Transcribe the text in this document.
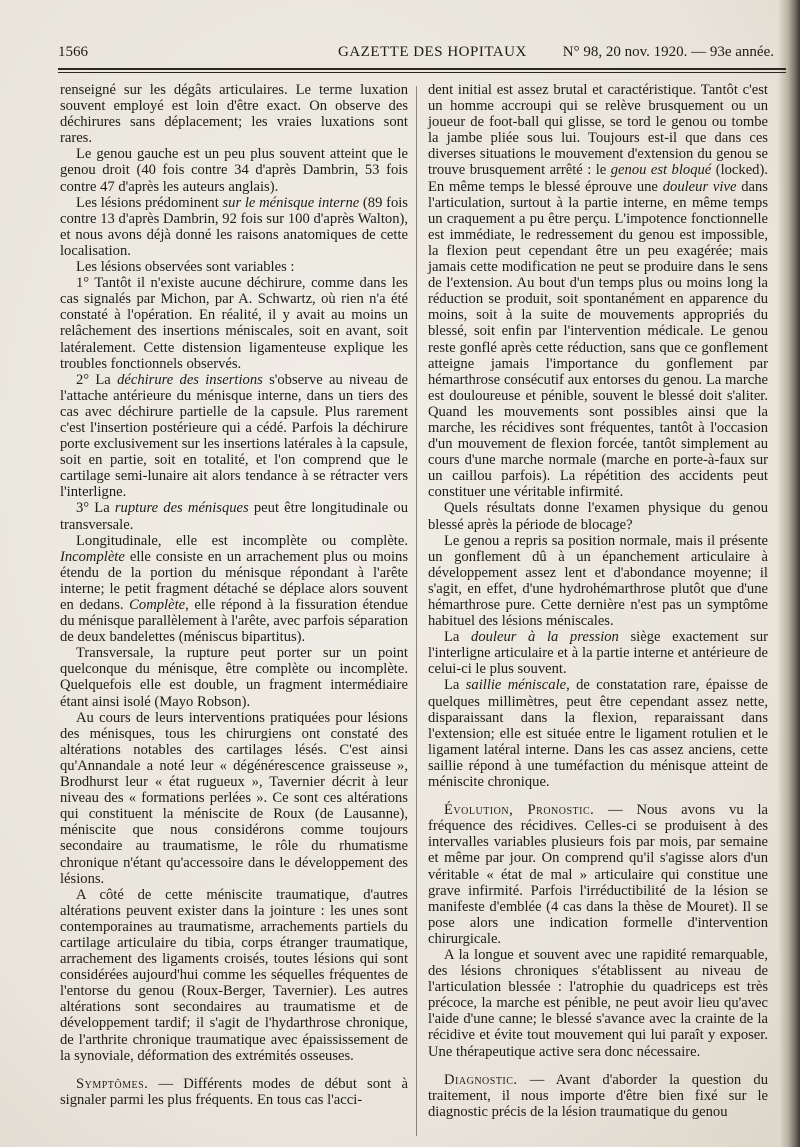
1566	GAZETTE DES HOPITAUX N° 98, 20 nov. 1920. — 93e année.

renseigné sur les dégâts articulaires. Le terme luxation souvent employé est loin d'être exact. On observe des déchirures sans déplacement; les vraies luxations sont rares.

Le genou gauche est un peu plus souvent atteint que le genou droit (40 fois contre 34 d'après Dambrin, 53 fois contre 47 d'après les auteurs anglais).

Les lésions prédominent sur le ménisque interne (89 fois contre 13 d'après Dambrin, 92 fois sur 100 d'après Walton), et nous avons déjà donné les raisons anatomiques de cette localisation.

Les lésions observées sont variables :

1° Tantôt il n'existe aucune déchirure, comme dans les cas signalés par Michon, par A. Schwartz, où rien n'a été constaté à l'opération. En réalité, il y avait au moins un relâchement des insertions méniscales, soit en avant, soit latéralement. Cette distension ligamenteuse explique les troubles fonctionnels observés.

2° La déchirure des insertions s'observe au niveau de l'attache antérieure du ménisque interne, dans un tiers des cas avec déchirure partielle de la capsule. Plus rarement c'est l'insertion postérieure qui a cédé. Parfois la déchirure porte exclusivement sur les insertions latérales à la capsule, soit en partie, soit en totalité, et l'on comprend que le cartilage semi-lunaire ait alors tendance à se rétracter vers l'interligne.

3° La rupture des ménisques peut être longitudinale ou transversale.

Longitudinale, elle est incomplète ou complète. Incomplète elle consiste en un arrachement plus ou moins étendu de la portion du ménisque répondant à l'arête interne; le petit fragment détaché se déplace alors souvent en dedans. Complète, elle répond à la fissuration étendue du ménisque parallèlement à l'arête, avec parfois séparation de deux bandelettes (méniscus bipartitus).

Transversale, la rupture peut porter sur un point quelconque du ménisque, être complète ou incomplète. Quelquefois elle est double, un fragment intermédiaire étant ainsi isolé (Mayo Robson).

Au cours de leurs interventions pratiquées pour lésions des ménisques, tous les chirurgiens ont constaté des altérations notables des cartilages lésés. C'est ainsi qu'Annandale a noté leur « dégénérescence graisseuse », Brodhurst leur « état rugueux », Tavernier décrit à leur niveau des « formations perlées ». Ce sont ces altérations qui constituent la méniscite de Roux (de Lausanne), méniscite que nous considérons comme toujours secondaire au traumatisme, le rôle du rhumatisme chronique n'étant qu'accessoire dans le développement des lésions.

A côté de cette méniscite traumatique, d'autres altérations peuvent exister dans la jointure : les unes sont contemporaines au traumatisme, arrachements partiels du cartilage articulaire du tibia, corps étranger traumatique, arrachement des ligaments croisés, toutes lésions qui sont considérées aujourd'hui comme les séquelles fréquentes de l'entorse du genou (Roux-Berger, Tavernier). Les autres altérations sont secondaires au traumatisme et de développement tardif; il s'agit de l'hydarthrose chronique, de l'arthrite chronique traumatique avec épaississement de la synoviale, déformation des extrémités osseuses.

Symptômes. — Différents modes de début sont à signaler parmi les plus fréquents. En tous cas l'acci-

dent initial est assez brutal et caractéristique. Tantôt c'est un homme accroupi qui se relève brusquement ou un joueur de foot-ball qui glisse, se tord le genou ou tombe la jambe pliée sous lui. Toujours est-il que dans ces diverses situations le mouvement d'extension du genou se trouve brusquement arrêté : le genou est bloqué (locked). En même temps le blessé éprouve une douleur vive dans l'articulation, surtout à la partie interne, en même temps un craquement a pu être perçu. L'impotence fonctionnelle est immédiate, le redressement du genou est impossible, la flexion peut cependant être un peu exagérée; mais jamais cette modification ne peut se produire dans le sens de l'extension. Au bout d'un temps plus ou moins long la réduction se produit, soit spontanément en apparence du moins, soit à la suite de mouvements appropriés du blessé, soit enfin par l'intervention médicale. Le genou reste gonflé après cette réduction, sans que ce gonflement atteigne jamais l'importance du gonflement par hémarthrose consécutif aux entorses du genou. La marche est douloureuse et pénible, souvent le blessé doit s'aliter. Quand les mouvements sont possibles ainsi que la marche, les récidives sont fréquentes, tantôt à l'occasion d'un mouvement de flexion forcée, tantôt simplement au cours d'une marche normale (marche en porte-à-faux sur un caillou parfois). La répétition des accidents peut constituer une véritable infirmité.

Quels résultats donne l'examen physique du genou blessé après la période de blocage?

Le genou a repris sa position normale, mais il présente un gonflement dû à un épanchement articulaire à développement assez lent et d'abondance moyenne; il s'agit, en effet, d'une hydrohémarthrose plutôt que d'une hémarthrose pure. Cette dernière n'est pas un symptôme habituel des lésions méniscales.

La douleur à la pression siège exactement sur l'interligne articulaire et à la partie interne et antérieure de celui-ci le plus souvent.

La saillie méniscale, de constatation rare, épaisse de quelques millimètres, peut être cependant assez nette, disparaissant dans la flexion, reparaissant dans l'extension; elle est située entre le ligament rotulien et le ligament latéral interne. Dans les cas assez anciens, cette saillie répond à une tuméfaction du ménisque atteint de méniscite chronique.

Évolution, Pronostic. — Nous avons vu la fréquence des récidives. Celles-ci se produisent à des intervalles variables plusieurs fois par mois, par semaine et même par jour. On comprend qu'il s'agisse alors d'un véritable « état de mal » articulaire qui constitue une grave infirmité. Parfois l'irréductibilité de la lésion se manifeste d'emblée (4 cas dans la thèse de Mouret). Il se pose alors une indication formelle d'intervention chirurgicale.

A la longue et souvent avec une rapidité remarquable, des lésions chroniques s'établissent au niveau de l'articulation blessée : l'atrophie du quadriceps est très précoce, la marche est pénible, ne peut avoir lieu qu'avec l'aide d'une canne; le blessé s'avance avec la crainte de la récidive et évite tout mouvement qui lui paraît y exposer. Une thérapeutique active sera donc nécessaire.

Diagnostic. — Avant d'aborder la question du traitement, il nous importe d'être bien fixé sur le diagnostic précis de la lésion traumatique du genou
